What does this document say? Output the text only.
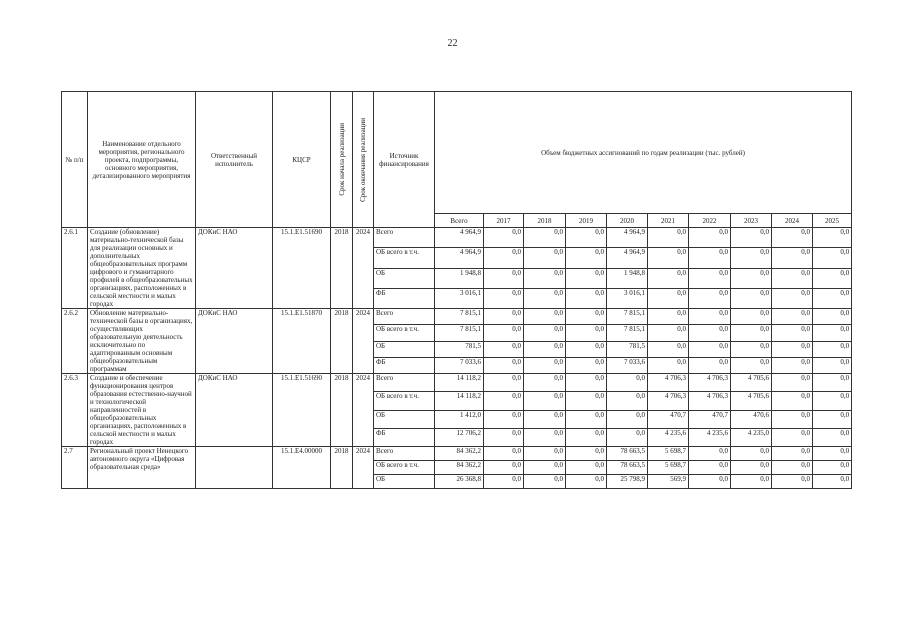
22
№ п/п	Наименование отдельного мероприятия, регионального проекта, подпрограммы, основного мероприятия, детализированного мероприятия	Ответственный исполнитель	КЦСР	Срок начала реализации	Срок окончания реализации	Источник финансирования	Объем бюджетных ассигнований по годам реализации (тыс. рублей)									
							Всего	2017	2018	2019	2020	2021	2022	2023	2024	2025
2.6.1	Создание (обновление) материально-технической базы для реализации основных и дополнительных общеобразовательных программ цифрового и гуманитарного профилей в общеобразовательных организациях, расположенных в сельской местности и малых городах	ДОКиС НАО	15.1.E1.51690	2018	2024	Всего	4 964,9	0,0	0,0	0,0	4 964,9	0,0	0,0	0,0	0,0	0,0
						ОБ всего в т.ч.	4 964,9	0,0	0,0	0,0	4 964,9	0,0	0,0	0,0	0,0	0,0
						ОБ	1 948,8	0,0	0,0	0,0	1 948,8	0,0	0,0	0,0	0,0	0,0
						ФБ	3 016,1	0,0	0,0	0,0	3 016,1	0,0	0,0	0,0	0,0	0,0
2.6.2	Обновление материально-технической базы в организациях, осуществляющих образовательную деятельность исключительно по адаптированным основным общеобразовательным программам	ДОКиС НАО	15.1.E1.51870	2018	2024	Всего	7 815,1	0,0	0,0	0,0	7 815,1	0,0	0,0	0,0	0,0	0,0
						ОБ всего в т.ч.	7 815,1	0,0	0,0	0,0	7 815,1	0,0	0,0	0,0	0,0	0,0
						ОБ	781,5	0,0	0,0	0,0	781,5	0,0	0,0	0,0	0,0	0,0
						ФБ	7 033,6	0,0	0,0	0,0	7 033,6	0,0	0,0	0,0	0,0	0,0
2.6.3	Создание и обеспечение функционирования центров образования естественно-научной и технологической направленностей в общеобразовательных организациях, расположенных в сельской местности и малых городах	ДОКиС НАО	15.1.E1.51690	2018	2024	Всего	14 118,2	0,0	0,0	0,0	0,0	4 706,3	4 706,3	4 705,6	0,0	0,0
						ОБ всего в т.ч.	14 118,2	0,0	0,0	0,0	0,0	4 706,3	4 706,3	4 705,6	0,0	0,0
						ОБ	1 412,0	0,0	0,0	0,0	0,0	470,7	470,7	470,6	0,0	0,0
						ФБ	12 706,2	0,0	0,0	0,0	0,0	4 235,6	4 235,6	4 235,0	0,0	0,0
2.7	Региональный проект Ненецкого автономного округа «Цифровая образовательная среда»		15.1.E4.00000	2018	2024	Всего	84 362,2	0,0	0,0	0,0	78 663,5	5 698,7	0,0	0,0	0,0	0,0
						ОБ всего в т.ч.	84 362,2	0,0	0,0	0,0	78 663,5	5 698,7	0,0	0,0	0,0	0,0
						ОБ	26 368,8	0,0	0,0	0,0	25 798,9	569,9	0,0	0,0	0,0	0,0
